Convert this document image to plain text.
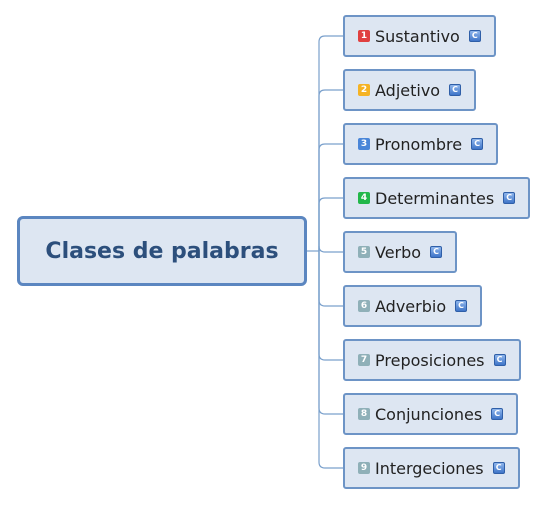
Clases de palabras
1 Sustantivo	C
2 Adjetivo	C
3 Pronombre	C
4 Determinantes	C
5 Verbo	C
6 Adverbio	C
7 Preposiciones	C
8 Conjunciones	C
9 Intergeciones	C
